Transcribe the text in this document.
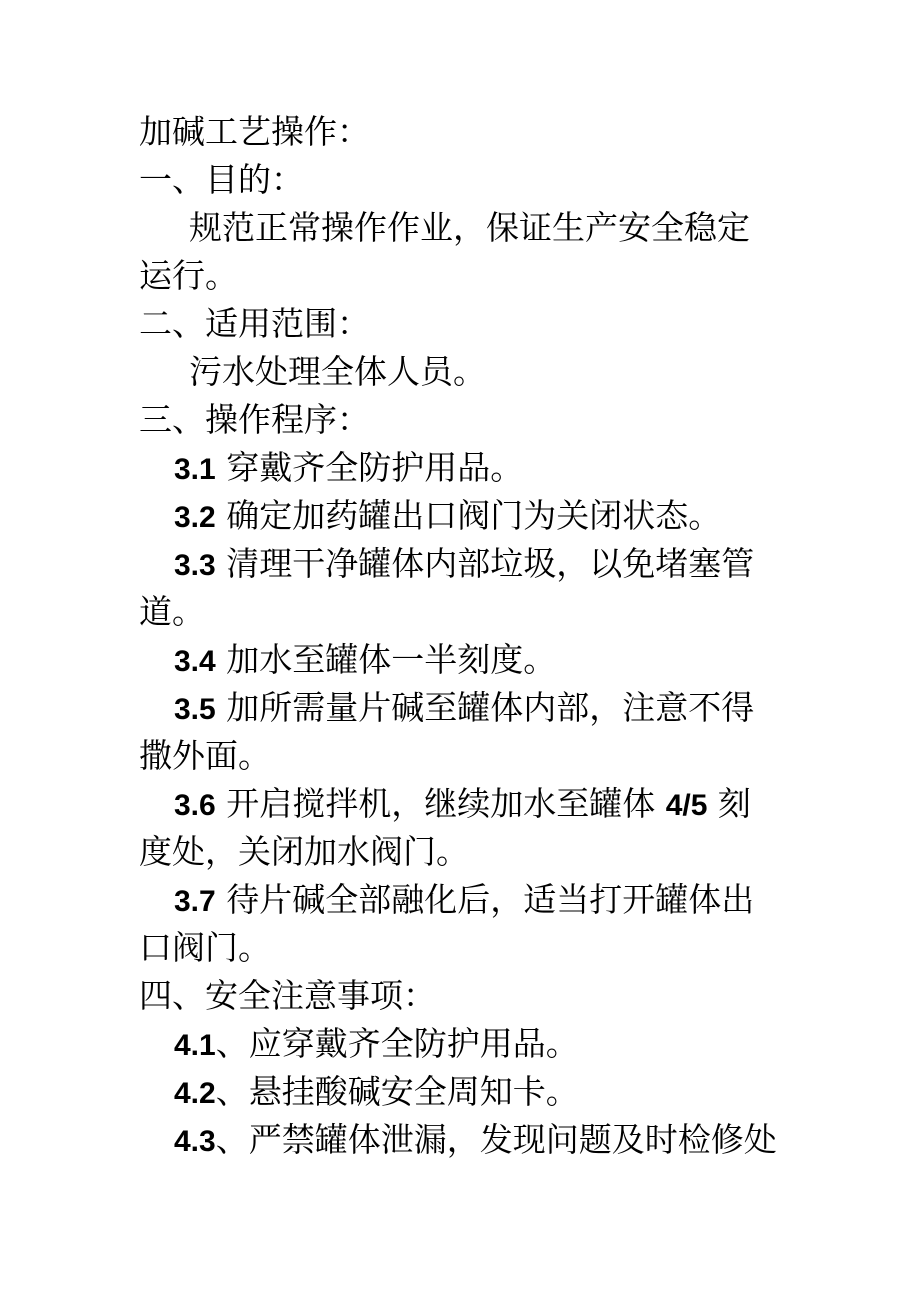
加碱工艺操作：
一、目的：
规范正常操作作业，保证生产安全稳定
运行。
二、适用范围：
污水处理全体人员。
三、操作程序：
3.1 穿戴齐全防护用品。
3.2 确定加药罐出口阀门为关闭状态。
3.3 清理干净罐体内部垃圾，以免堵塞管
道。
3.4 加水至罐体一半刻度。
3.5 加所需量片碱至罐体内部，注意不得
撒外面。
3.6 开启搅拌机，继续加水至罐体 4/5 刻
度处，关闭加水阀门。
3.7 待片碱全部融化后，适当打开罐体出
口阀门。
四、安全注意事项：
4.1、应穿戴齐全防护用品。
4.2、悬挂酸碱安全周知卡。
4.3、严禁罐体泄漏，发现问题及时检修处
